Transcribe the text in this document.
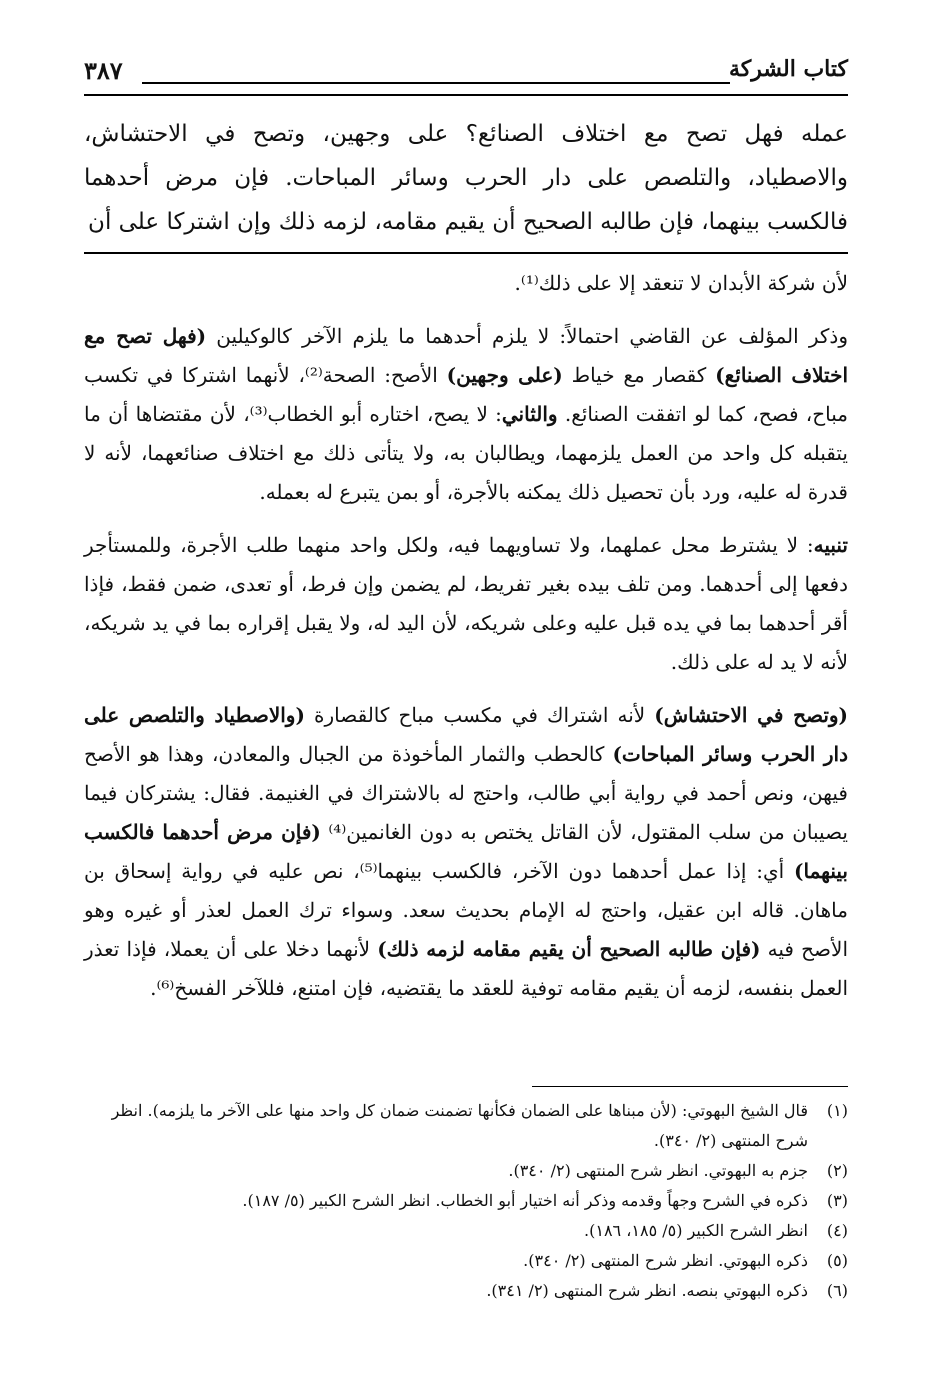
كتاب الشركة
٣٨٧

عمله فهل تصح مع اختلاف الصنائع؟ على وجهين، وتصح في الاحتشاش، والاصطياد، والتلصص على دار الحرب وسائر المباحات. فإن مرض أحدهما فالكسب بينهما، فإن طالبه الصحيح أن يقيم مقامه، لزمه ذلك وإن اشتركا على أن

لأن شركة الأبدان لا تنعقد إلا على ذلك⁽¹⁾.

وذكر المؤلف عن القاضي احتمالاً: لا يلزم أحدهما ما يلزم الآخر كالوكيلين (فهل تصح مع اختلاف الصنائع) كقصار مع خياط (على وجهين) الأصح: الصحة⁽²⁾، لأنهما اشتركا في تكسب مباح، فصح، كما لو اتفقت الصنائع. والثاني: لا يصح، اختاره أبو الخطاب⁽³⁾، لأن مقتضاها أن ما يتقبله كل واحد من العمل يلزمهما، ويطالبان به، ولا يتأتى ذلك مع اختلاف صنائعهما، لأنه لا قدرة له عليه، ورد بأن تحصيل ذلك يمكنه بالأجرة، أو بمن يتبرع له بعمله.

تنبيه: لا يشترط محل عملهما، ولا تساويهما فيه، ولكل واحد منهما طلب الأجرة، وللمستأجر دفعها إلى أحدهما. ومن تلف بيده بغير تفريط، لم يضمن وإن فرط، أو تعدى، ضمن فقط، فإذا أقر أحدهما بما في يده قبل عليه وعلى شريكه، لأن اليد له، ولا يقبل إقراره بما في يد شريكه، لأنه لا يد له على ذلك.

(وتصح في الاحتشاش) لأنه اشتراك في مكسب مباح كالقصارة (والاصطياد والتلصص على دار الحرب وسائر المباحات) كالحطب والثمار المأخوذة من الجبال والمعادن، وهذا هو الأصح فيهن، ونص أحمد في رواية أبي طالب، واحتج له بالاشتراك في الغنيمة. فقال: يشتركان فيما يصيبان من سلب المقتول، لأن القاتل يختص به دون الغانمين⁽⁴⁾ (فإن مرض أحدهما فالكسب بينهما) أي: إذا عمل أحدهما دون الآخر، فالكسب بينهما⁽⁵⁾، نص عليه في رواية إسحاق بن ماهان. قاله ابن عقيل، واحتج له الإمام بحديث سعد. وسواء ترك العمل لعذر أو غيره وهو الأصح فيه (فإن طالبه الصحيح أن يقيم مقامه لزمه ذلك) لأنهما دخلا على أن يعملا، فإذا تعذر العمل بنفسه، لزمه أن يقيم مقامه توفية للعقد ما يقتضيه، فإن امتنع، فللآخر الفسخ⁽⁶⁾.

(١)
قال الشيخ البهوتي: (لأن مبناها على الضمان فكأنها تضمنت ضمان كل واحد منها على الآخر ما يلزمه). انظر شرح المنتهى (٢/ ٣٤٠).
(٢)
جزم به البهوتي. انظر شرح المنتهى (٢/ ٣٤٠).
(٣)
ذكره في الشرح وجهاً وقدمه وذكر أنه اختيار أبو الخطاب. انظر الشرح الكبير (٥/ ١٨٧).
(٤)
انظر الشرح الكبير (٥/ ١٨٥، ١٨٦).
(٥)
ذكره البهوتي. انظر شرح المنتهى (٢/ ٣٤٠).
(٦)
ذكره البهوتي بنصه. انظر شرح المنتهى (٢/ ٣٤١).
